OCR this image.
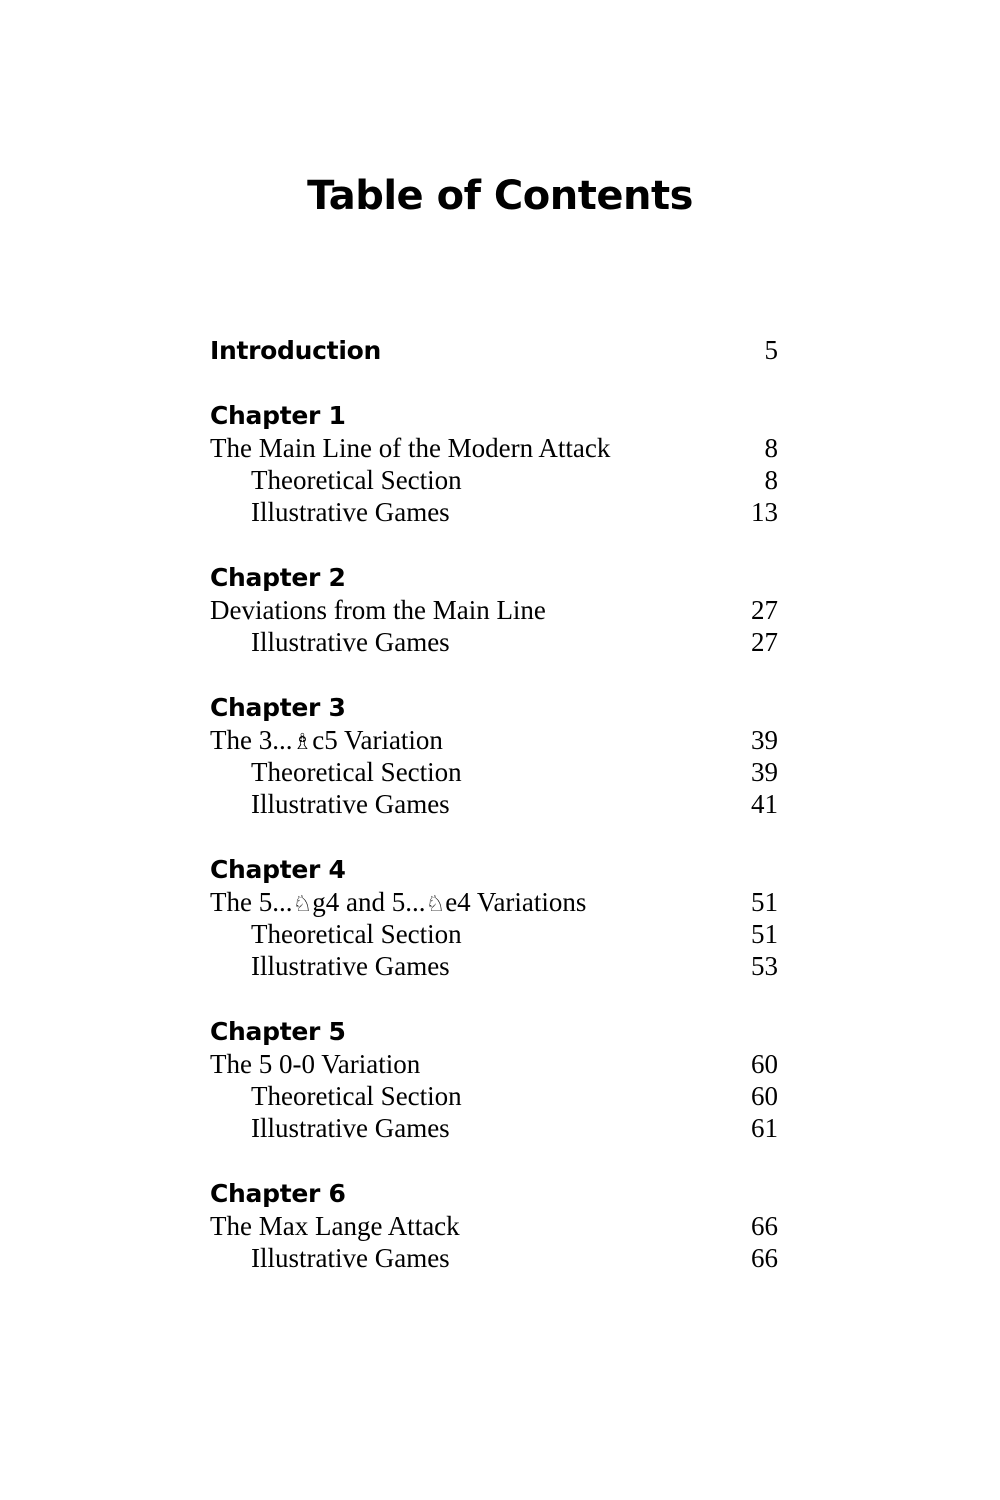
Table of Contents
Introduction	5
Chapter 1
The Main Line of the Modern Attack	8
Theoretical Section	8
Illustrative Games	13
Chapter 2
Deviations from the Main Line	27
Illustrative Games	27
Chapter 3
The 3...♗c5 Variation	39
Theoretical Section	39
Illustrative Games	41
Chapter 4
The 5...♘g4 and 5...♘e4 Variations	51
Theoretical Section	51
Illustrative Games	53
Chapter 5
The 5 0-0 Variation	60
Theoretical Section	60
Illustrative Games	61
Chapter 6
The Max Lange Attack	66
Illustrative Games	66
